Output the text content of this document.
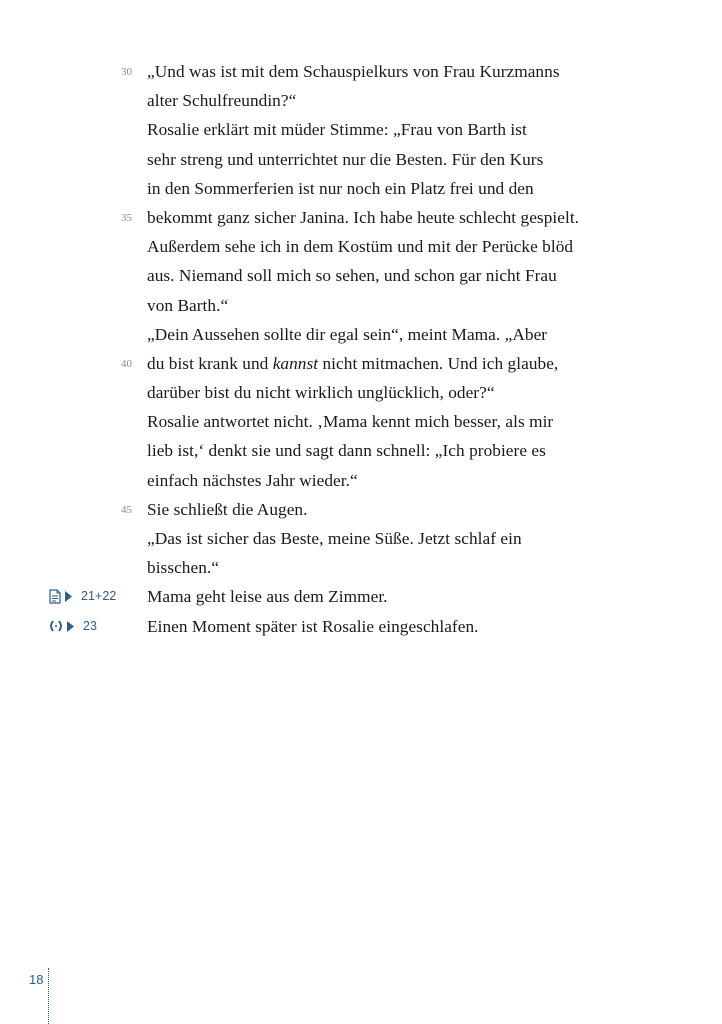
30 „Und was ist mit dem Schauspielkurs von Frau Kurzmanns
alter Schulfreundin?“
Rosalie erklärt mit müder Stimme: „Frau von Barth ist
sehr streng und unterrichtet nur die Besten. Für den Kurs
in den Sommerferien ist nur noch ein Platz frei und den
35 bekommt ganz sicher Janina. Ich habe heute schlecht gespielt.
Außerdem sehe ich in dem Kostüm und mit der Perücke blöd
aus. Niemand soll mich so sehen, und schon gar nicht Frau
von Barth.“
„Dein Aussehen sollte dir egal sein“, meint Mama. „Aber
40 du bist krank und kannst nicht mitmachen. Und ich glaube,
darüber bist du nicht wirklich unglücklich, oder?“
Rosalie antwortet nicht. ‚Mama kennt mich besser, als mir
lieb ist,‘ denkt sie und sagt dann schnell: „Ich probiere es
einfach nächstes Jahr wieder.“
45 Sie schließt die Augen.
„Das ist sicher das Beste, meine Süße. Jetzt schlaf ein
bisschen.“
21+22 Mama geht leise aus dem Zimmer.
23	Einen Moment später ist Rosalie eingeschlafen.
18
